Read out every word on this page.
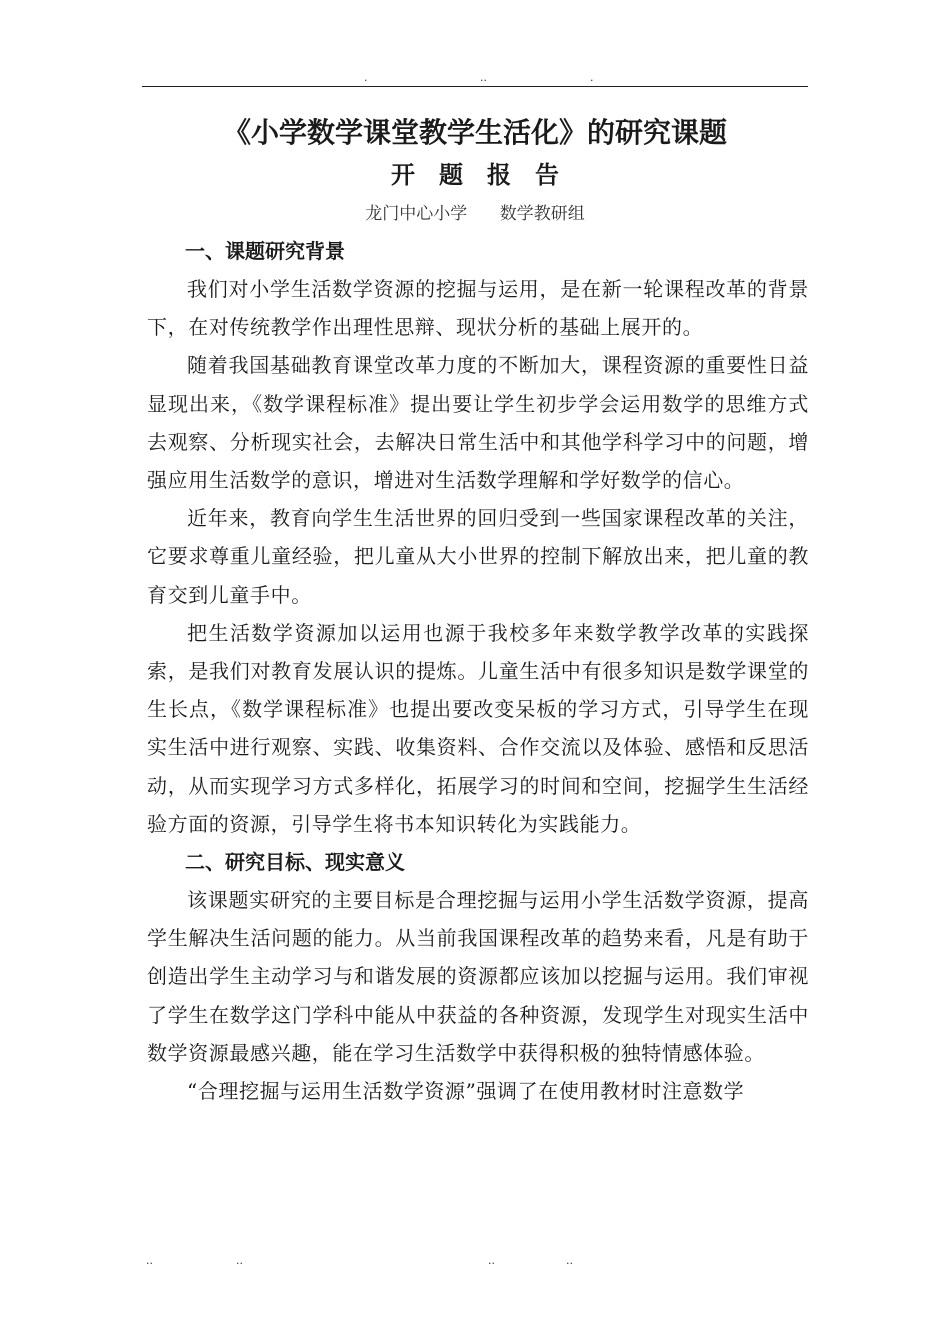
.	..	.
《小学数学课堂教学生活化》的研究课题
开题报告
龙门中心小学      数学教研组
一、课题研究背景

我们对小学生活数学资源的挖掘与运用，是在新一轮课程改革的背景下，在对传统教学作出理性思辩、现状分析的基础上展开的。

随着我国基础教育课堂改革力度的不断加大，课程资源的重要性日益显现出来，《数学课程标准》提出要让学生初步学会运用数学的思维方式去观察、分析现实社会，去解决日常生活中和其他学科学习中的问题，增强应用生活数学的意识，增进对生活数学理解和学好数学的信心。

近年来，教育向学生生活世界的回归受到一些国家课程改革的关注，它要求尊重儿童经验，把儿童从大小世界的控制下解放出来，把儿童的教育交到儿童手中。

把生活数学资源加以运用也源于我校多年来数学教学改革的实践探索，是我们对教育发展认识的提炼。儿童生活中有很多知识是数学课堂的生长点，《数学课程标准》也提出要改变呆板的学习方式，引导学生在现实生活中进行观察、实践、收集资料、合作交流以及体验、感悟和反思活动，从而实现学习方式多样化，拓展学习的时间和空间，挖掘学生生活经验方面的资源，引导学生将书本知识转化为实践能力。

二、研究目标、现实意义

该课题实研究的主要目标是合理挖掘与运用小学生活数学资源，提高学生解决生活问题的能力。从当前我国课程改革的趋势来看，凡是有助于创造出学生主动学习与和谐发展的资源都应该加以挖掘与运用。我们审视了学生在数学这门学科中能从中获益的各种资源，发现学生对现实生活中数学资源最感兴趣，能在学习生活数学中获得积极的独特情感体验。

“合理挖掘与运用生活数学资源”强调了在使用教材时注意数学

..	..	..	..
